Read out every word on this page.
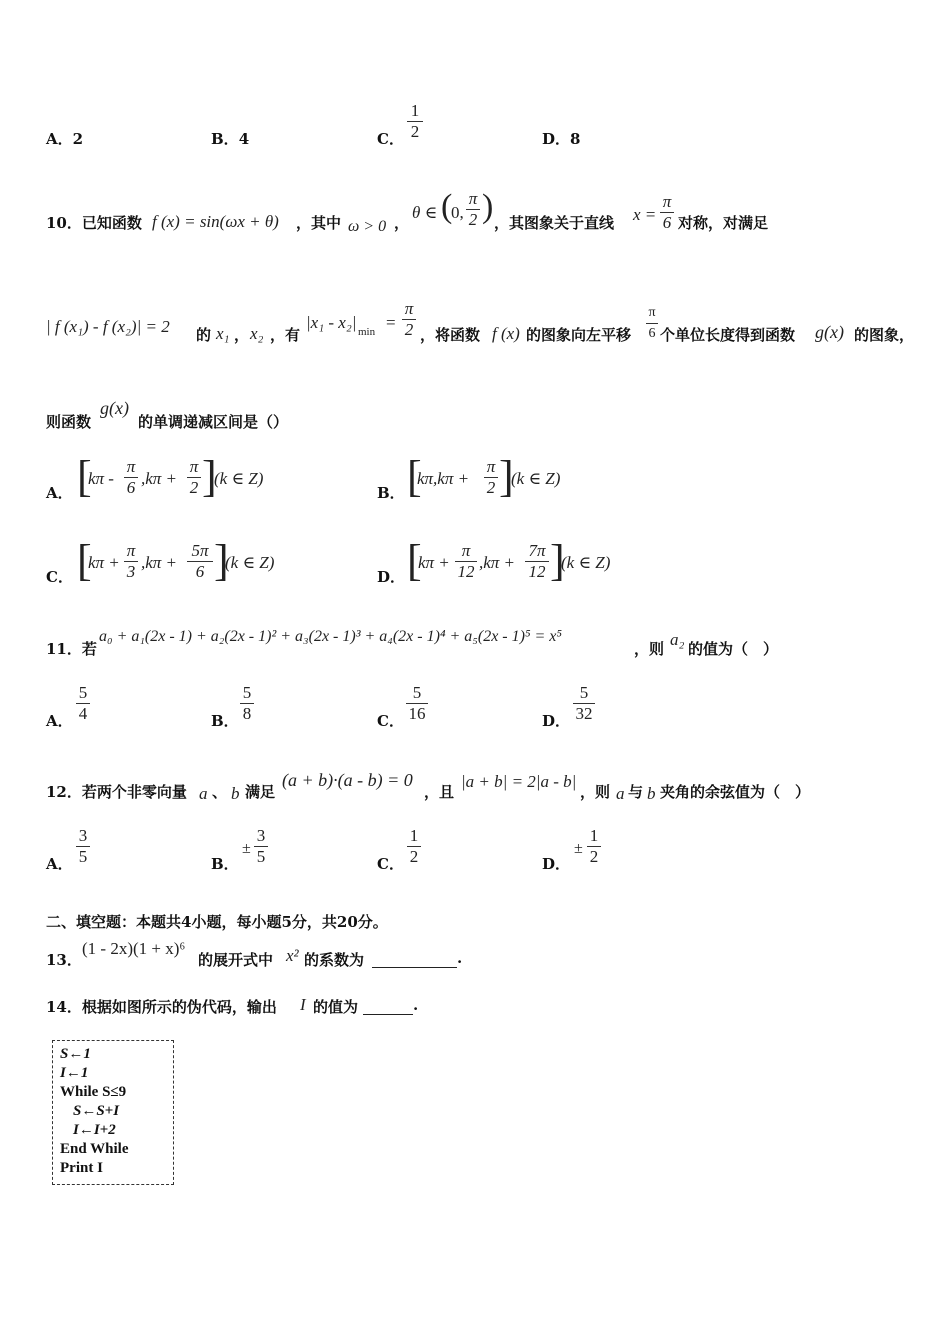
A．2	B．4	C．
1
2	D．8
10．已知函数 f (x) = sin(ωx + θ) ，其中 ω > 0 ，
θ ∈ (
0,
π
2 ) ，其图象关于直线 x =
π
6 对称，对满足
| f (x₁) - f (x₂)| = 2 的 x₁ ， x₂ ，有
|x₁ - x₂| min =
π
2 ，将函数 f (x) 的图象向左平移
π
6 个单位长度得到函数 g(x) 的图象，
则函数
g(x)
的单调递减区间是（）
A． [
kπ -
π
6 ,kπ +
π
2 ]
(k ∈ Z)
B． [
kπ,kπ +
π
2 ]
(k ∈ Z)
C． [
kπ +
π
3 ,kπ +
5π
6 ]
(k ∈ Z)
D． [
kπ +
π
12 ,kπ +
7π
12 ]
(k ∈ Z)
11．若
a₀ + a₁(2x - 1) + a₂(2x - 1)² + a₃(2x - 1)³ + a₄(2x - 1)⁴ + a₅(2x - 1)⁵ = x⁵
，则 a₂ 的值为（　）
A．
5
4	B．
5
8	C．
5
16	D．
5
32
12．若两个非零向量 a 、 b 满足
(a + b)·(a - b) = 0
，且
|a + b| = 2|a - b|
，则 a 与 b 夹角的余弦值为（　）
A．
3
5	B．
±
3
5	C．
1
2	D．
±
1
2
二、填空题：本题共4小题，每小题5分，共20分。
13．
(1 - 2x)(1 + x)⁶
的展开式中 x² 的系数为	.
14．根据如图所示的伪代码，输出 I 的值为	.
S←1
I←1
While S≤9
S←S+I
I←I+2
End While
Print I
